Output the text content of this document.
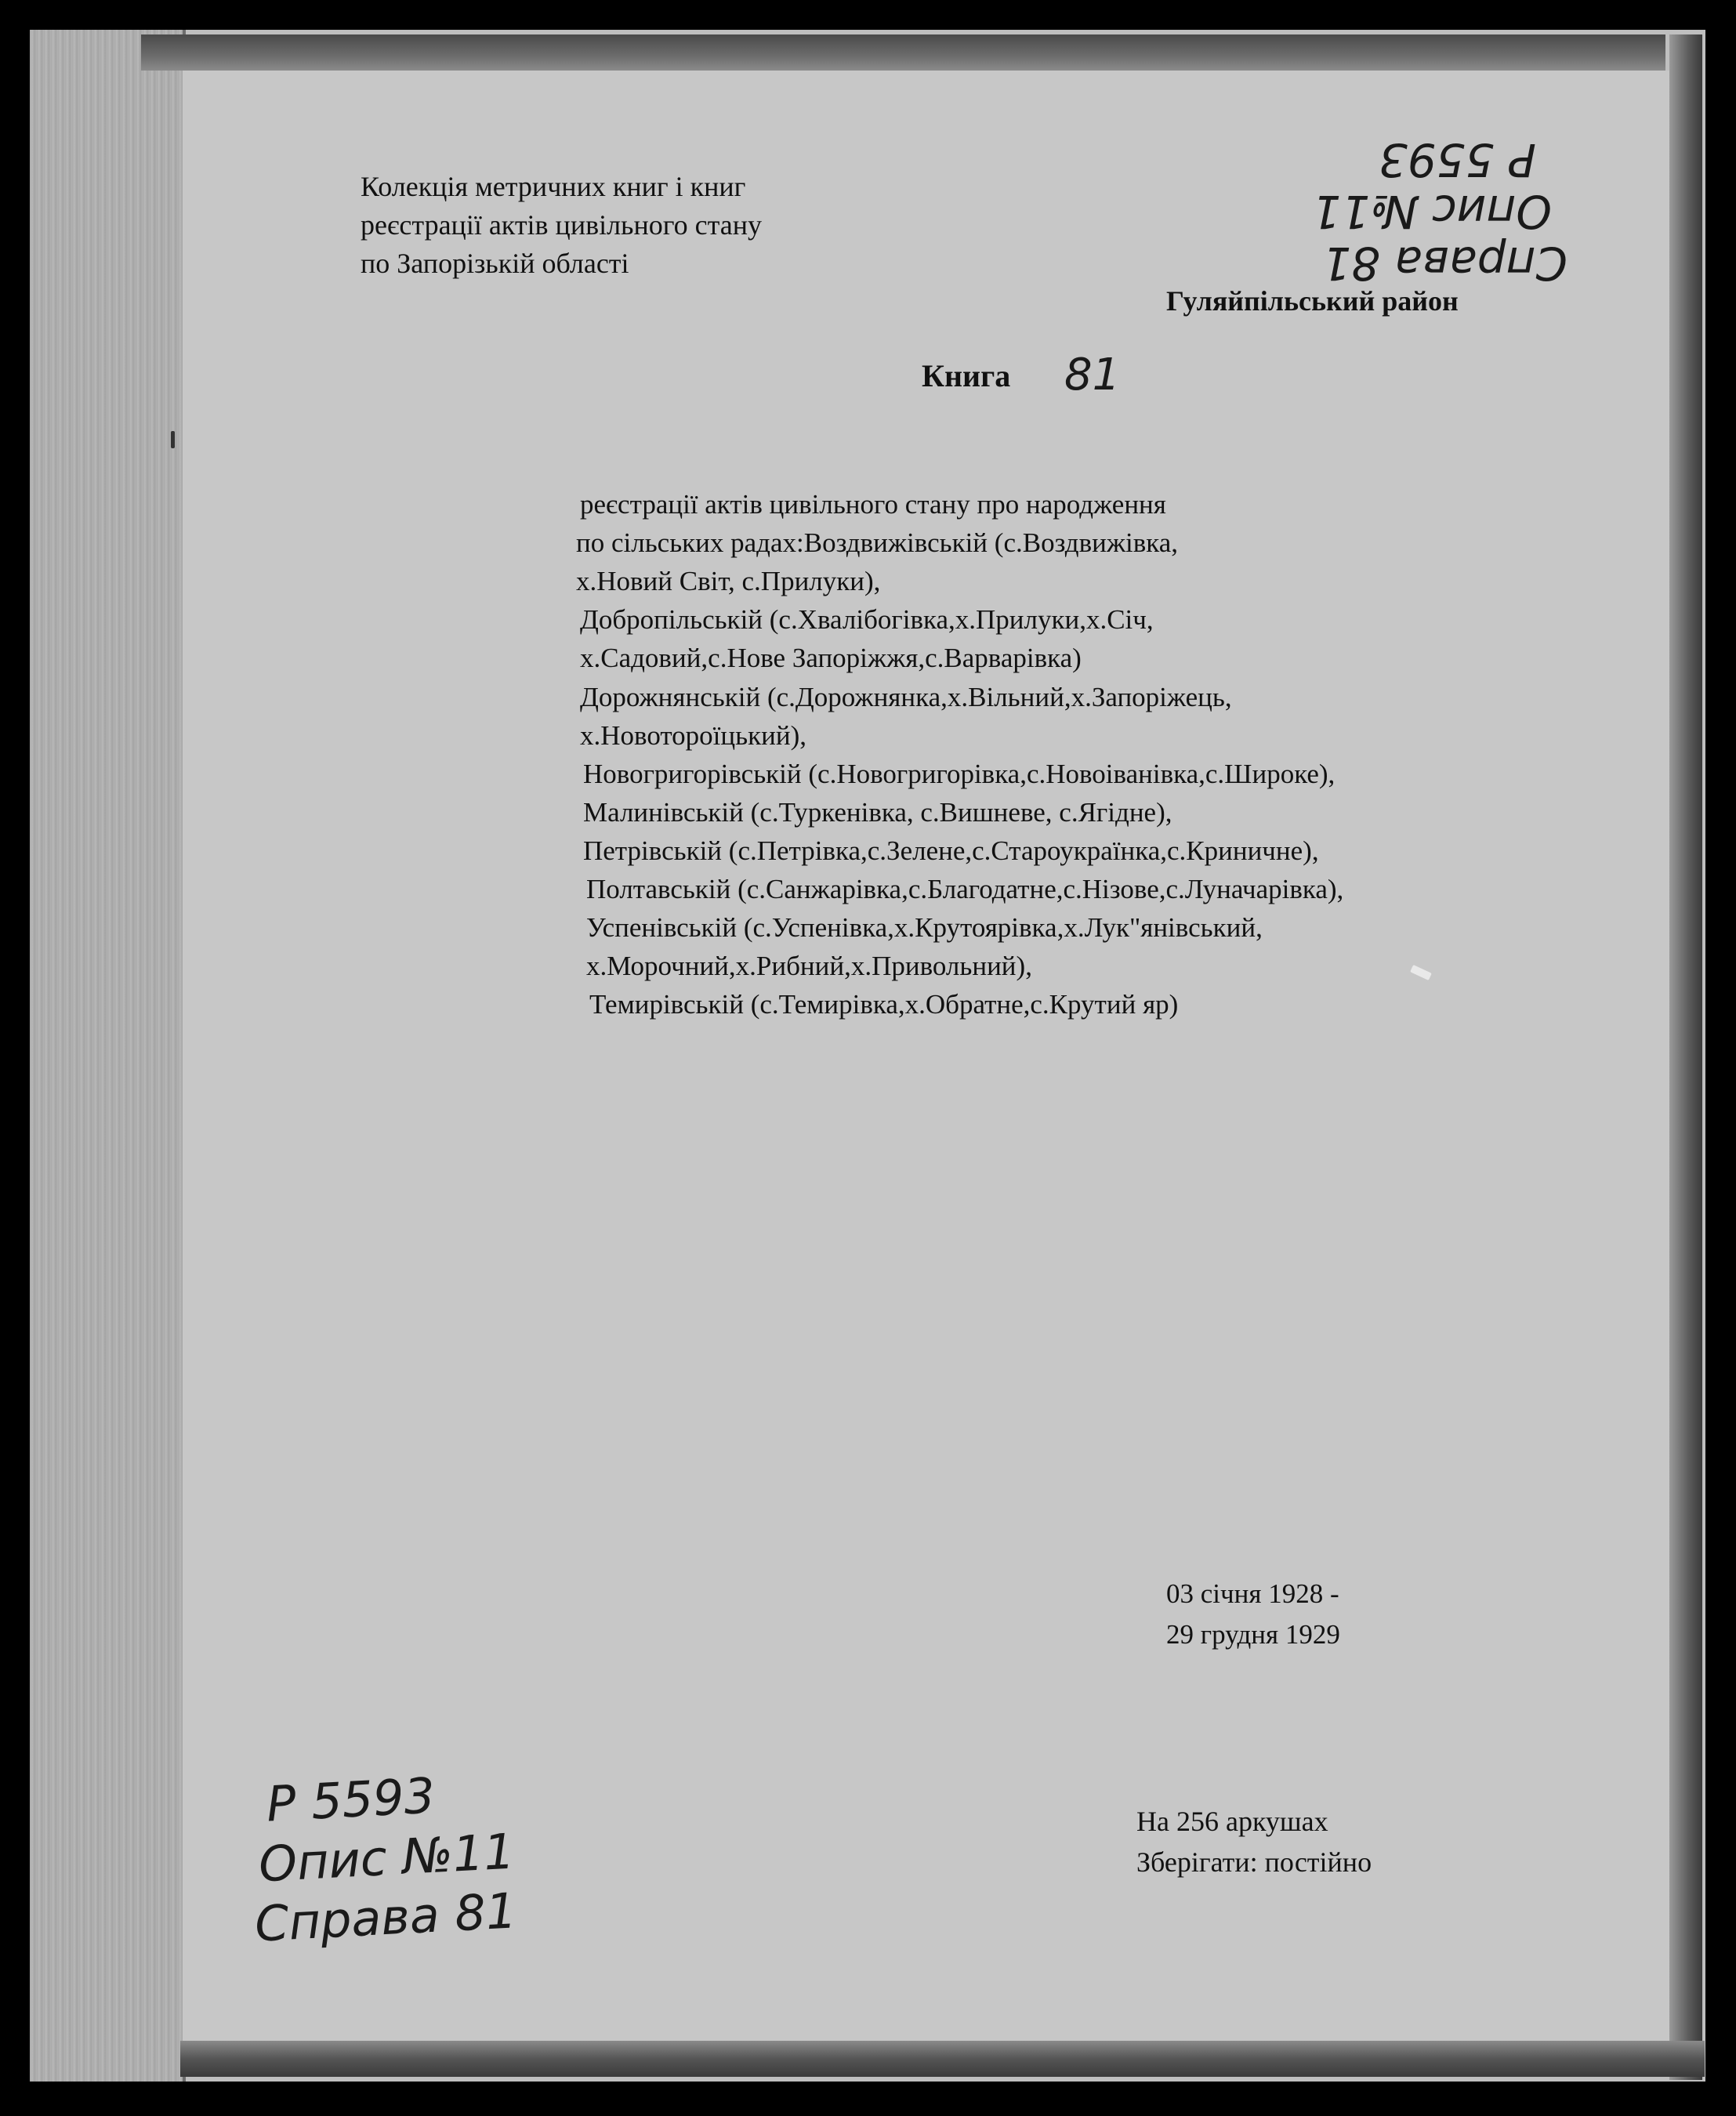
Колекція метричних книг і книг
реєстрації актів цивільного стану
по Запорізькій області	Справа 81
Опис №11
Р 5593
Гуляйпільський район
Книга 81
реєстрації актів цивільного стану про народження
по сільських радах:Воздвижівській (с.Воздвижівка,
х.Новий Світ, с.Прилуки),
Добропільській (с.Хвалібогівка,х.Прилуки,х.Січ,
х.Садовий,с.Нове Запоріжжя,с.Варварівка)
Дорожнянській (с.Дорожнянка,х.Вільний,х.Запоріжець,
х.Новотороїцький),
Новогригорівській (с.Новогригорівка,с.Новоіванівка,с.Широке),
Малинівській (с.Туркенівка, с.Вишневе, с.Ягідне),
Петрівській (с.Петрівка,с.Зелене,с.Староукраїнка,с.Криничне),
Полтавській (с.Санжарівка,с.Благодатне,с.Нізове,с.Луначарівка),
Успенівській (с.Успенівка,х.Крутоярівка,х.Лук"янівський,
х.Морочний,х.Рибний,х.Привольний),
Темирівській (с.Темирівка,х.Обратне,с.Крутий яр)
03 січня 1928 -
29 грудня 1929
Р 5593
Опис №11
Справа 81
На 256 аркушах
Зберігати: постійно
